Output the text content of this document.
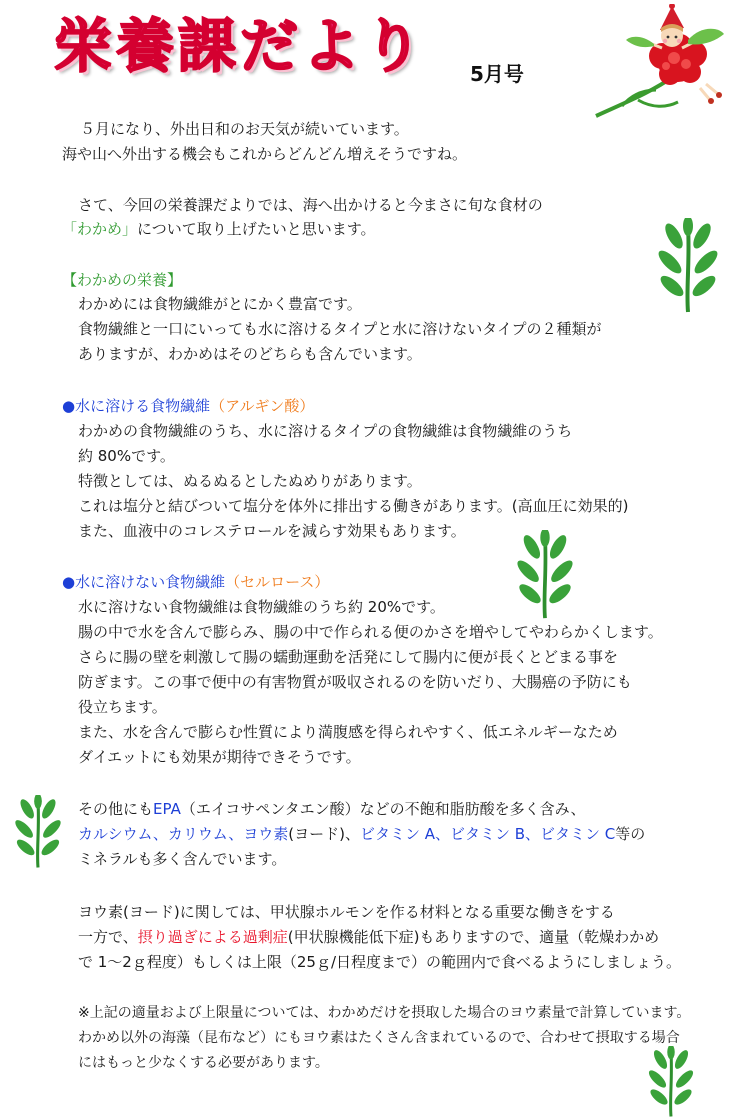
栄養課だより 5月号
５月になり、外出日和のお天気が続いています。
海や山へ外出する機会もこれからどんどん増えそうですね。
さて、今回の栄養課だよりでは、海へ出かけると今まさに旬な食材の
「わかめ」について取り上げたいと思います。
【わかめの栄養】
わかめには食物繊維がとにかく豊富です。
食物繊維と一口にいっても水に溶けるタイプと水に溶けないタイプの２種類が
ありますが、わかめはそのどちらも含んでいます。
●水に溶ける食物繊維（アルギン酸）
わかめの食物繊維のうち、水に溶けるタイプの食物繊維は食物繊維のうち
約 80%です。
特徴としては、ぬるぬるとしたぬめりがあります。
これは塩分と結びついて塩分を体外に排出する働きがあります。(高血圧に効果的)
また、血液中のコレステロールを減らす効果もあります。
●水に溶けない食物繊維（セルロース）
水に溶けない食物繊維は食物繊維のうち約 20%です。
腸の中で水を含んで膨らみ、腸の中で作られる便のかさを増やしてやわらかくします。
さらに腸の壁を刺激して腸の蠕動運動を活発にして腸内に便が長くとどまる事を
防ぎます。この事で便中の有害物質が吸収されるのを防いだり、大腸癌の予防にも
役立ちます。
また、水を含んで膨らむ性質により満腹感を得られやすく、低エネルギーなため
ダイエットにも効果が期待できそうです。
その他にもEPA（エイコサペンタエン酸）などの不飽和脂肪酸を多く含み、
カルシウム、カリウム、ヨウ素(ヨード)、ビタミン A、ビタミン B、ビタミン C等の
ミネラルも多く含んでいます。
ヨウ素(ヨード)に関しては、甲状腺ホルモンを作る材料となる重要な働きをする
一方で、摂り過ぎによる過剰症(甲状腺機能低下症)もありますので、適量（乾燥わかめ
で 1～2ｇ程度）もしくは上限（25ｇ/日程度まで）の範囲内で食べるようにしましょう。
※上記の適量および上限量については、わかめだけを摂取した場合のヨウ素量で計算しています。
わかめ以外の海藻（昆布など）にもヨウ素はたくさん含まれているので、合わせて摂取する場合
にはもっと少なくする必要があります。
